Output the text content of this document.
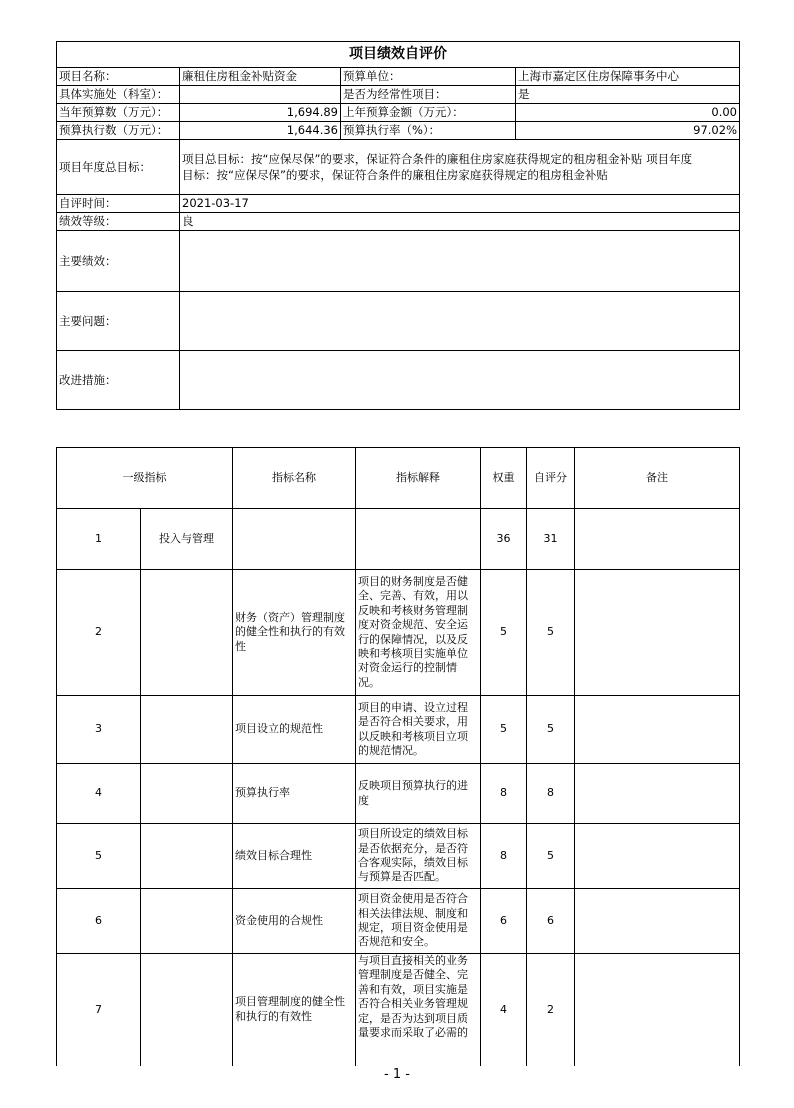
项目绩效自评价			
项目名称：	廉租住房租金补贴资金	预算单位：	上海市嘉定区住房保障事务中心
具体实施处（科室）：		是否为经常性项目：	是
当年预算数（万元）：	1,694.89	上年预算金额（万元）：	0.00
预算执行数（万元）：	1,644.36	预算执行率（%）：	97.02%
项目年度总目标：	项目总目标：按“应保尽保”的要求，保证符合条件的廉租住房家庭获得规定的租房租金补贴 项目年度
目标：按“应保尽保”的要求，保证符合条件的廉租住房家庭获得规定的租房租金补贴		

自评时间：	2021-03-17		
绩效等级：	良		
主要绩效：			
主要问题：			
改进措施：			
一级指标		指标名称	指标解释	权重	自评分	备注
1	投入与管理			36	31	
2		财务（资产）管理制度的健全性和执行的有效性	项目的财务制度是否健全、完善、有效，用以反映和考核财务管理制度对资金规范、安全运行的保障情况，以及反映和考核项目实施单位对资金运行的控制情况。	5	5	
3		项目设立的规范性	项目的申请、设立过程是否符合相关要求，用以反映和考核项目立项的规范情况。	5	5	
4		预算执行率	反映项目预算执行的进度	8	8	
5		绩效目标合理性	项目所设定的绩效目标是否依据充分，是否符合客观实际，绩效目标与预算是否匹配。	8	5	
6		资金使用的合规性	项目资金使用是否符合相关法律法规、制度和规定，项目资金使用是否规范和安全。	6	6	
7		项目管理制度的健全性和执行的有效性	与项目直接相关的业务管理制度是否健全、完善和有效，项目实施是否符合相关业务管理规定，是否为达到项目质量要求而采取了必需的	4	2	
- 1 -
